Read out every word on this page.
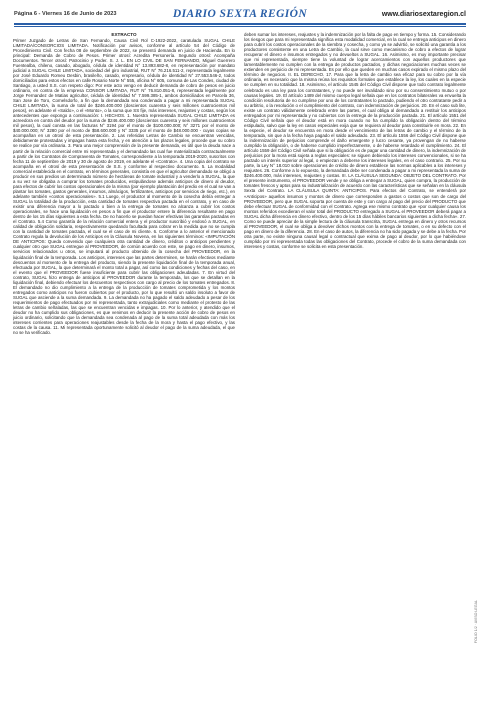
Página 6 - Viernes 16 de Junio de 2023	DIARIO SEXTA REGIÓN	www.diariosextaregion.cl

EXTRACTO

Primer Juzgado de Letras de San Fernando, Causa Civil Rol C-1922-2022, caratulada SUGAL CHILE LIMITADA/CONSORCIOS LIMITADA. Notificación por avisos, conforme al artículo 54 del Código de Procedimiento Civil. Con fecha 08 de septiembre de 2022, se presentó demanda en juicio de Hacienda. En lo principal: Demanda de Cobro de Pesos. Primer otrosí: Acredita Personería. Segundo otrosí: Acompaña Documentos. Tercer otrosí: Patrocinio y Poder. S. J. L. EN LO CIVIL DE SAN FERNANDO, Miguel Guerrero Fuentealba, chileno, casado, abogado, cédula de identidad N° 13.893.682-8, en representación por mandato judicial a SUGAL CHILE LIMITADA, sociedad del giro industrial, RUT N° 76.216.511-2, representada legalmente por José Eduardo Romeu Desbin, brasileño, casado, empresario, cédula de identidad N° 27.553.546-2, todos domiciliados para estos efectos en calle Rosario Norte N° 555, oficina N° 605, comuna de Las Condes, ciudad de Santiago, a usted S.S. con respeto digo: Por este acto vengo en deducir demanda de cobro de pesos en juicio ordinario, en contra de la empresa CONSOR LIMITADA, RUT N° 76.810.051-8, representada legalmente por Jorge Fernandez de Matias agricultor, cédula de identidad N° 7.599.385-1, ambos domiciliados en Parcela 36, San Jose de Toro, Cornelsdorfo, a fin que la demandada sea condenada a pagar a mi representada SUGAL CHILE LIMITADA, la suma de total de $246.400.000 (doscientos cuarenta y seis millones cuatrocientos mil pesos), en adelante el «Saldo», o el «Monto», o la suma que SS fije, más intereses, reajustes y costas, según los antecedentes que expongo a continuación: I. HECHOS. 1. Nuestra representada SUGAL CHILE LIMITADA es acreedora en contra del deudor por la suma de $246.400.000 (doscientos cuarenta y seis millones cuatrocientos mil pesos), la cual consta en las facturas N° 3194 por el monto de $100.000.000; N° 3271 por el monto de $40.000.000; N° 3280 por el monto de $58.600.000 y N° 3335 por el monto de $48.000.000 - cuyas copias se acompañan en un otrosí de esta presentación. 2. Las referidas Letras de Cambio se encuentran vencidas, debidamente protestadas y impagas hasta esta fecha, y en atención a los plazos legales, procede que su cobro se realice por vía ordinaria. 3. Para una mejor comprensión de la presente demanda, es útil que la deuda nace a partir de la relación comercial entre mi representada y el demandado las cual fue materializada contractualmente a partir de los Contratos de Compraventa de Tomates, correspondiente a la temporada 2019-2020, suscritos con fecha 11 de septiembre de 2019 y 30 de agosto de 2019, en adelante el «Contrato». 4. Una copia del contrato se acompaña en el otrosí de esta presentación de S.S. y conforme al respectivo documento. 5. La modalidad comercial establecida en el contrato, en términos generales, consistía en que el agricultor demandado se obligó a producir en sus predios un determinado número de hectáreas de tomate industrial y a venderlo a SUGAL, la que a su vez se obligaba a comprar los tomates producidos, estipulándose además anticipos de dinero al deudor, para efectos de cubrir los costos operacionales de la misma (por ejemplo plantación del predio en el cual se van a plantar los tomates, gastos generales, insumos, almácigos, fertilizantes, anticipos por servicios de riego, etc.), en adelante también «costos operacionales». 5.1 Luego, el productor al momento de la cosecha debía entregar a SUGAL la totalidad de la producción, esta cantidad de tomates respectiva pactada en el contrato, y en caso de existir una diferencia mayor a lo pactado o bien a la entrega de tomates no alcanza a cubrir los costos operacionales, se hace una liquidación en pesos a fin que el productor entere la diferencia resultante en pago dentro de los 15 días siguientes a esta fecha. De no hacerlo se puedan hacer efectivas las garantías pactadas en el Contrato. 5.4 Como garantía de la relación comercial entera y el productor suscribió y endosó a SUGAL, en calidad de obligación solidaria, respectivamente quedando facultada para cobrar en la medida que no se cumpla con la cantidad de tomates pactada, el cual se el caso de mi cliente. 6. Conforme a lo anterior el mencionado Contrato regula la devolución de los Anticipos en la Cláusula Novena, en los siguientes términos: «IMPUTACIÓN DE ANTICIPOS: Queda convenido que cualquiera otra cantidad de dinero, créditos o anticipos pendientes y cualquier otro que SUGAL entregue al PROVEEDOR, de común acuerdo con este, se pago en dinero, insumos, servicios relacionados u otros, se imputará al producto obtenido de la cosecha del PROVEEDOR, en la liquidación final de la temporada. Los anticipos, intereses que las partes determinen, se harán efectivos mediante descuentos al momento de la entrega del producto, siendo la presente liquidación final de la temporada anual, efectuada por SUGAL, la que determinará el monto total a pagar, así como las condiciones y fechas del caso, en el evento que el PROVEEDOR fuese insuficiente para cubrir las obligaciones adeudadas. 7. En virtud del contrato, SUGAL hizo entrega de anticipos al PROVEEDOR durante la temporada, los que se detallan en la liquidación final, debiendo efectuar los descuentos respectivos con cargo al precio de los tomates entregados. 8. El demandado no dio cumplimiento a la entrega de la producción de tomates comprometida y los montos entregados como anticipos no fueron cubiertos por el producto, por lo que resultó un saldo insoluto a favor de SUGAL que asciende a la suma demandada. 9. La demandada no ha pagado el saldo adeudado a pesar de los requerimientos de pago efectuados por mi representada, tanto extrajudiciales como mediante el protesto de las letras de cambio señaladas, las que se encuentran vencidas e impagas. 10. Por lo anterior, y atendido que el deudor no ha cumplido sus obligaciones, es que venimos en deducir la presente acción de cobro de pesos en juicio ordinario, solicitando que la demandada sea condenada al pago de la suma total adeudada con más los intereses corrientes para operaciones reajustables desde la fecha de la mora y hasta el pago efectivo, y las costas de la causa. 11. Mi representada oportunamente solicitó al deudor el pago de la suma adeudada, el que no se ha verificado.

deben sumar los intereses, reajustes y la indemnización por la falta de pago en tiempo y forma. 15. Considerando los riesgos que para mi representada significa esta modalidad comercial, en la cual se entrega anticipos en dinero para cubrir los costos operacionales de la siembra y cosecha, y como ya se advirtió, se solicitó una garantía a los productores consistente en una Letra de Cambio, la cual sirve como mecanismo de cobro a efectos de lograr recuperar el dinero e insumos entregados y no devueltos a SUGAL. 16. Asimismo, es muy importante precisar que mi representada, siempre tiene la voluntad de lograr acercamientos con aquellos productores que lamentablemente no cumplen con la entrega de productos pactados, y dichas negociaciones muchas veces se extienden en perjuicio de mi representada. Es por ello que queden en muchas casos expirado el mismo plazo del término de negocios. II. EL DERECHO. 17. Para que la letra de cambio sea eficaz para su cobro por la vía ordinaria, es necesario que la misma reúna los requisitos formales que establece la ley, los cuales en la especie se cumplen en su totalidad. 18. Asimismo, el artículo 1545 del Código Civil dispone que todo contrato legalmente celebrado es una ley para los contratantes, y no puede ser invalidado sino por su consentimiento mutuo o por causas legales. 19. El artículo 1489 del mismo cuerpo legal señala que en los contratos bilaterales va envuelta la condición resolutoria de no cumplirse por uno de los contratantes lo pactado, pudiendo el otro contratante pedir a su arbitrio, o la resolución o el cumplimiento del contrato, con indemnización de perjuicios. 20. En el caso sub lite, existe un contrato válidamente celebrado entre las partes, el cual obliga al demandado a restituir los anticipos entregados por mi representada y no cubiertos con la entrega de la producción pactada. 21. El artículo 1551 del Código Civil señala que el deudor está en mora cuando no ha cumplido la obligación dentro del término estipulado, salvo que la ley en casos especiales exija que se requiera al deudor para constituirle en mora. 22. En la especie, el deudor se encuentra en mora desde el vencimiento de las letras de cambio y el término de la temporada, sin que a la fecha haya pagado el saldo adeudado. 23. El artículo 1556 del Código Civil dispone que la indemnización de perjuicios comprende el daño emergente y lucro cesante, ya provengan de no haberse cumplido la obligación, o de haberse cumplido imperfectamente, o de haberse retardado el cumplimiento. 24. El artículo 1559 del Código Civil señala que si la obligación es de pagar una cantidad de dinero, la indemnización de perjuicios por la mora está sujeta a reglas especiales: se siguen debiendo los intereses convencionales, si se ha pactado un interés superior al legal, o empiezan a deberse los intereses legales, en el caso contrario. 25. Por su parte, la Ley N° 18.010 sobre operaciones de crédito de dinero establece las normas aplicables a los intereses y reajustes. 26. Conforme a lo expuesto, la demandada debe ser condenada a pagar a mi representada la suma de $246.400.000, más intereses, reajustes y costas. III. LA CLÁUSULA SEGUNDA: OBJETO DEL CONTRATO. Por el presente instrumento, el PROVEEDOR vende y se obliga a entregar a SUGAL, quien compra, la producción de tomates frescos y aptos para su industrialización de acuerdo con las características que se señalan en la cláusula Sexta del Contrato. LA CLÁUSULA QUINTA: ANTICIPOS. Para efectos del Contrato, se entenderá por «Anticipos» aquellos insumos y montos de dinero que corresponden a gastos o costos que son de cargo del PROVEEDOR, pero que SUGAL soporta por cuenta de este y con cargo al pago del precio del PRODUCTO que debe efectuar SUGAL de conformidad con el Contrato. Agrega ese mismo contrato que «por cualquier causa los montos referidos excedieran el valor total del PRODUCTO entregado a SUGAL el PROVEEDOR deberá pagar a SUGAL dicha diferencia en dinero efectivo, dentro de los 15 días hábiles bancarios siguientes a dicha fecha». 27. Como se puede apreciar de la simple lectura de la cláusula transcrita, SUGAL entrega en dinero y otros recursos al PROVEEDOR, el cual se obliga a devolver dichos montos con la entrega de tomates, o en su defecto con el pago en dinero de la diferencia. 28. En el caso de autos, la diferencia no ha sido pagada y se debe a la fecha. Por otra parte, no existe ninguna causal legal o contractual que exima de pago al deudor, por lo que habiéndose cumplido por mi representada todas las obligaciones del Contrato, procede el cobro de la suma demandada con intereses y costas, conforme se solicita en esta presentación.

FOLIO 1/2 · AVISO LEGAL
